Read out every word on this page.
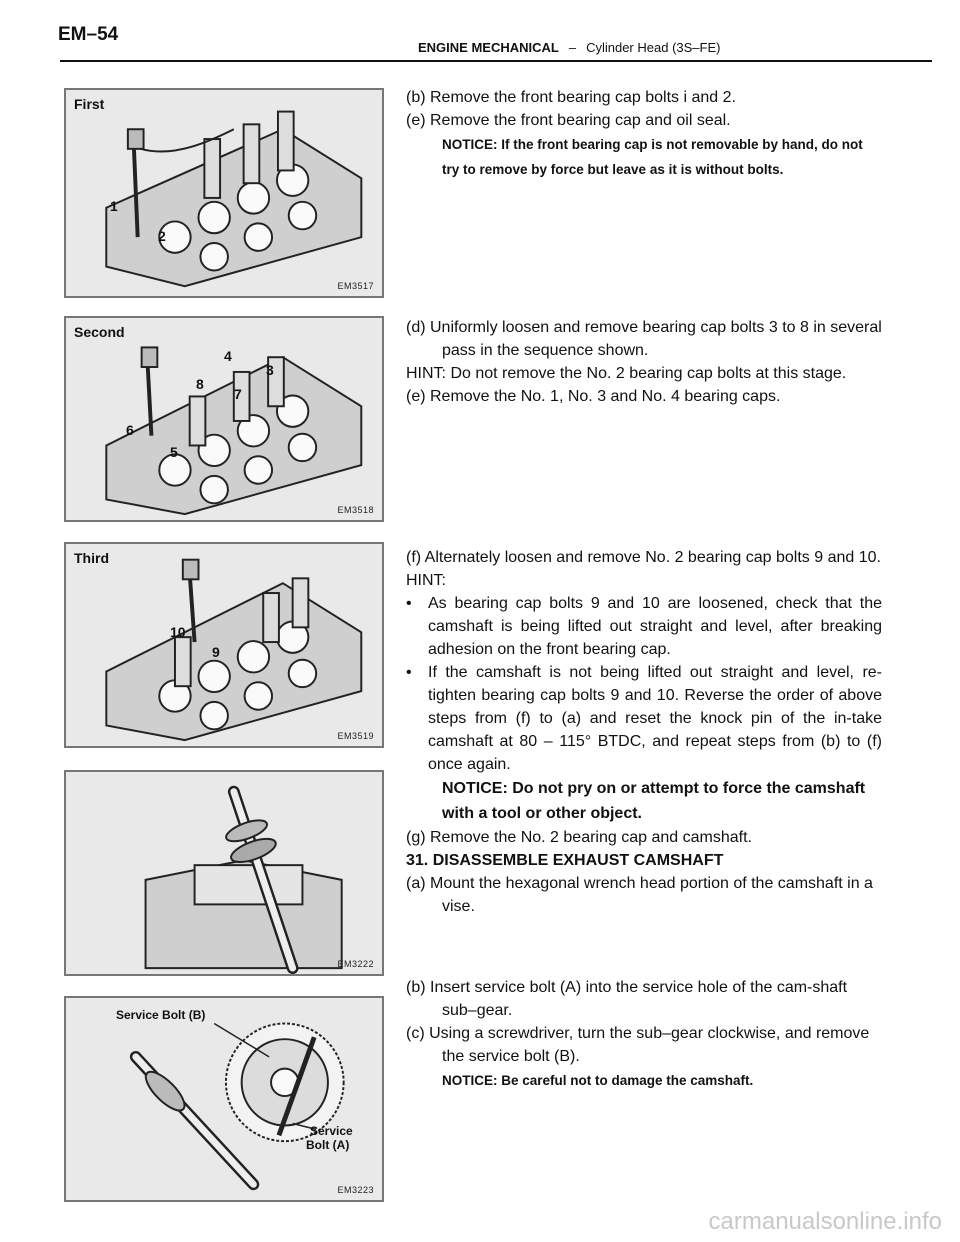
EM–54
ENGINE MECHANICAL – Cylinder Head (3S–FE)
First
1
2
EM3517
Second
4
8
3
7
6
5
EM3518
Third
10
9
EM3519
EM3222
Service Bolt (B)
Service
Bolt (A)
EM3223

(b) Remove the front bearing cap bolts i and 2.

(e) Remove the front bearing cap and oil seal.

NOTICE: If the front bearing cap is not removable by hand, do not try to remove by force but leave as it is without bolts.

(d) Uniformly loosen and remove bearing cap bolts 3 to 8 in several pass in the sequence shown.

HINT: Do not remove the No. 2 bearing cap bolts at this stage.

(e) Remove the No. 1, No. 3 and No. 4 bearing caps.

(f) Alternately loosen and remove No. 2 bearing cap bolts 9 and 10.

HINT:

•	As bearing cap bolts 9 and 10 are loosened, check that the camshaft is being lifted out straight and level, after breaking adhesion on the front bearing cap.
•	If the camshaft is not being lifted out straight and level, re-tighten bearing cap bolts 9 and 10. Reverse the order of above steps from (f) to (a) and reset the knock pin of the in-take camshaft at 80 – 115° BTDC, and repeat steps from (b) to (f) once again.

NOTICE: Do not pry on or attempt to force the camshaft with a tool or other object.

(g) Remove the No. 2 bearing cap and camshaft.

31. DISASSEMBLE EXHAUST CAMSHAFT

(a) Mount the hexagonal wrench head portion of the camshaft in a vise.

(b) Insert service bolt (A) into the service hole of the cam-shaft sub–gear.

(c) Using a screwdriver, turn the sub–gear clockwise, and remove the service bolt (B).

NOTICE: Be careful not to damage the camshaft.

carmanualsonline.info
